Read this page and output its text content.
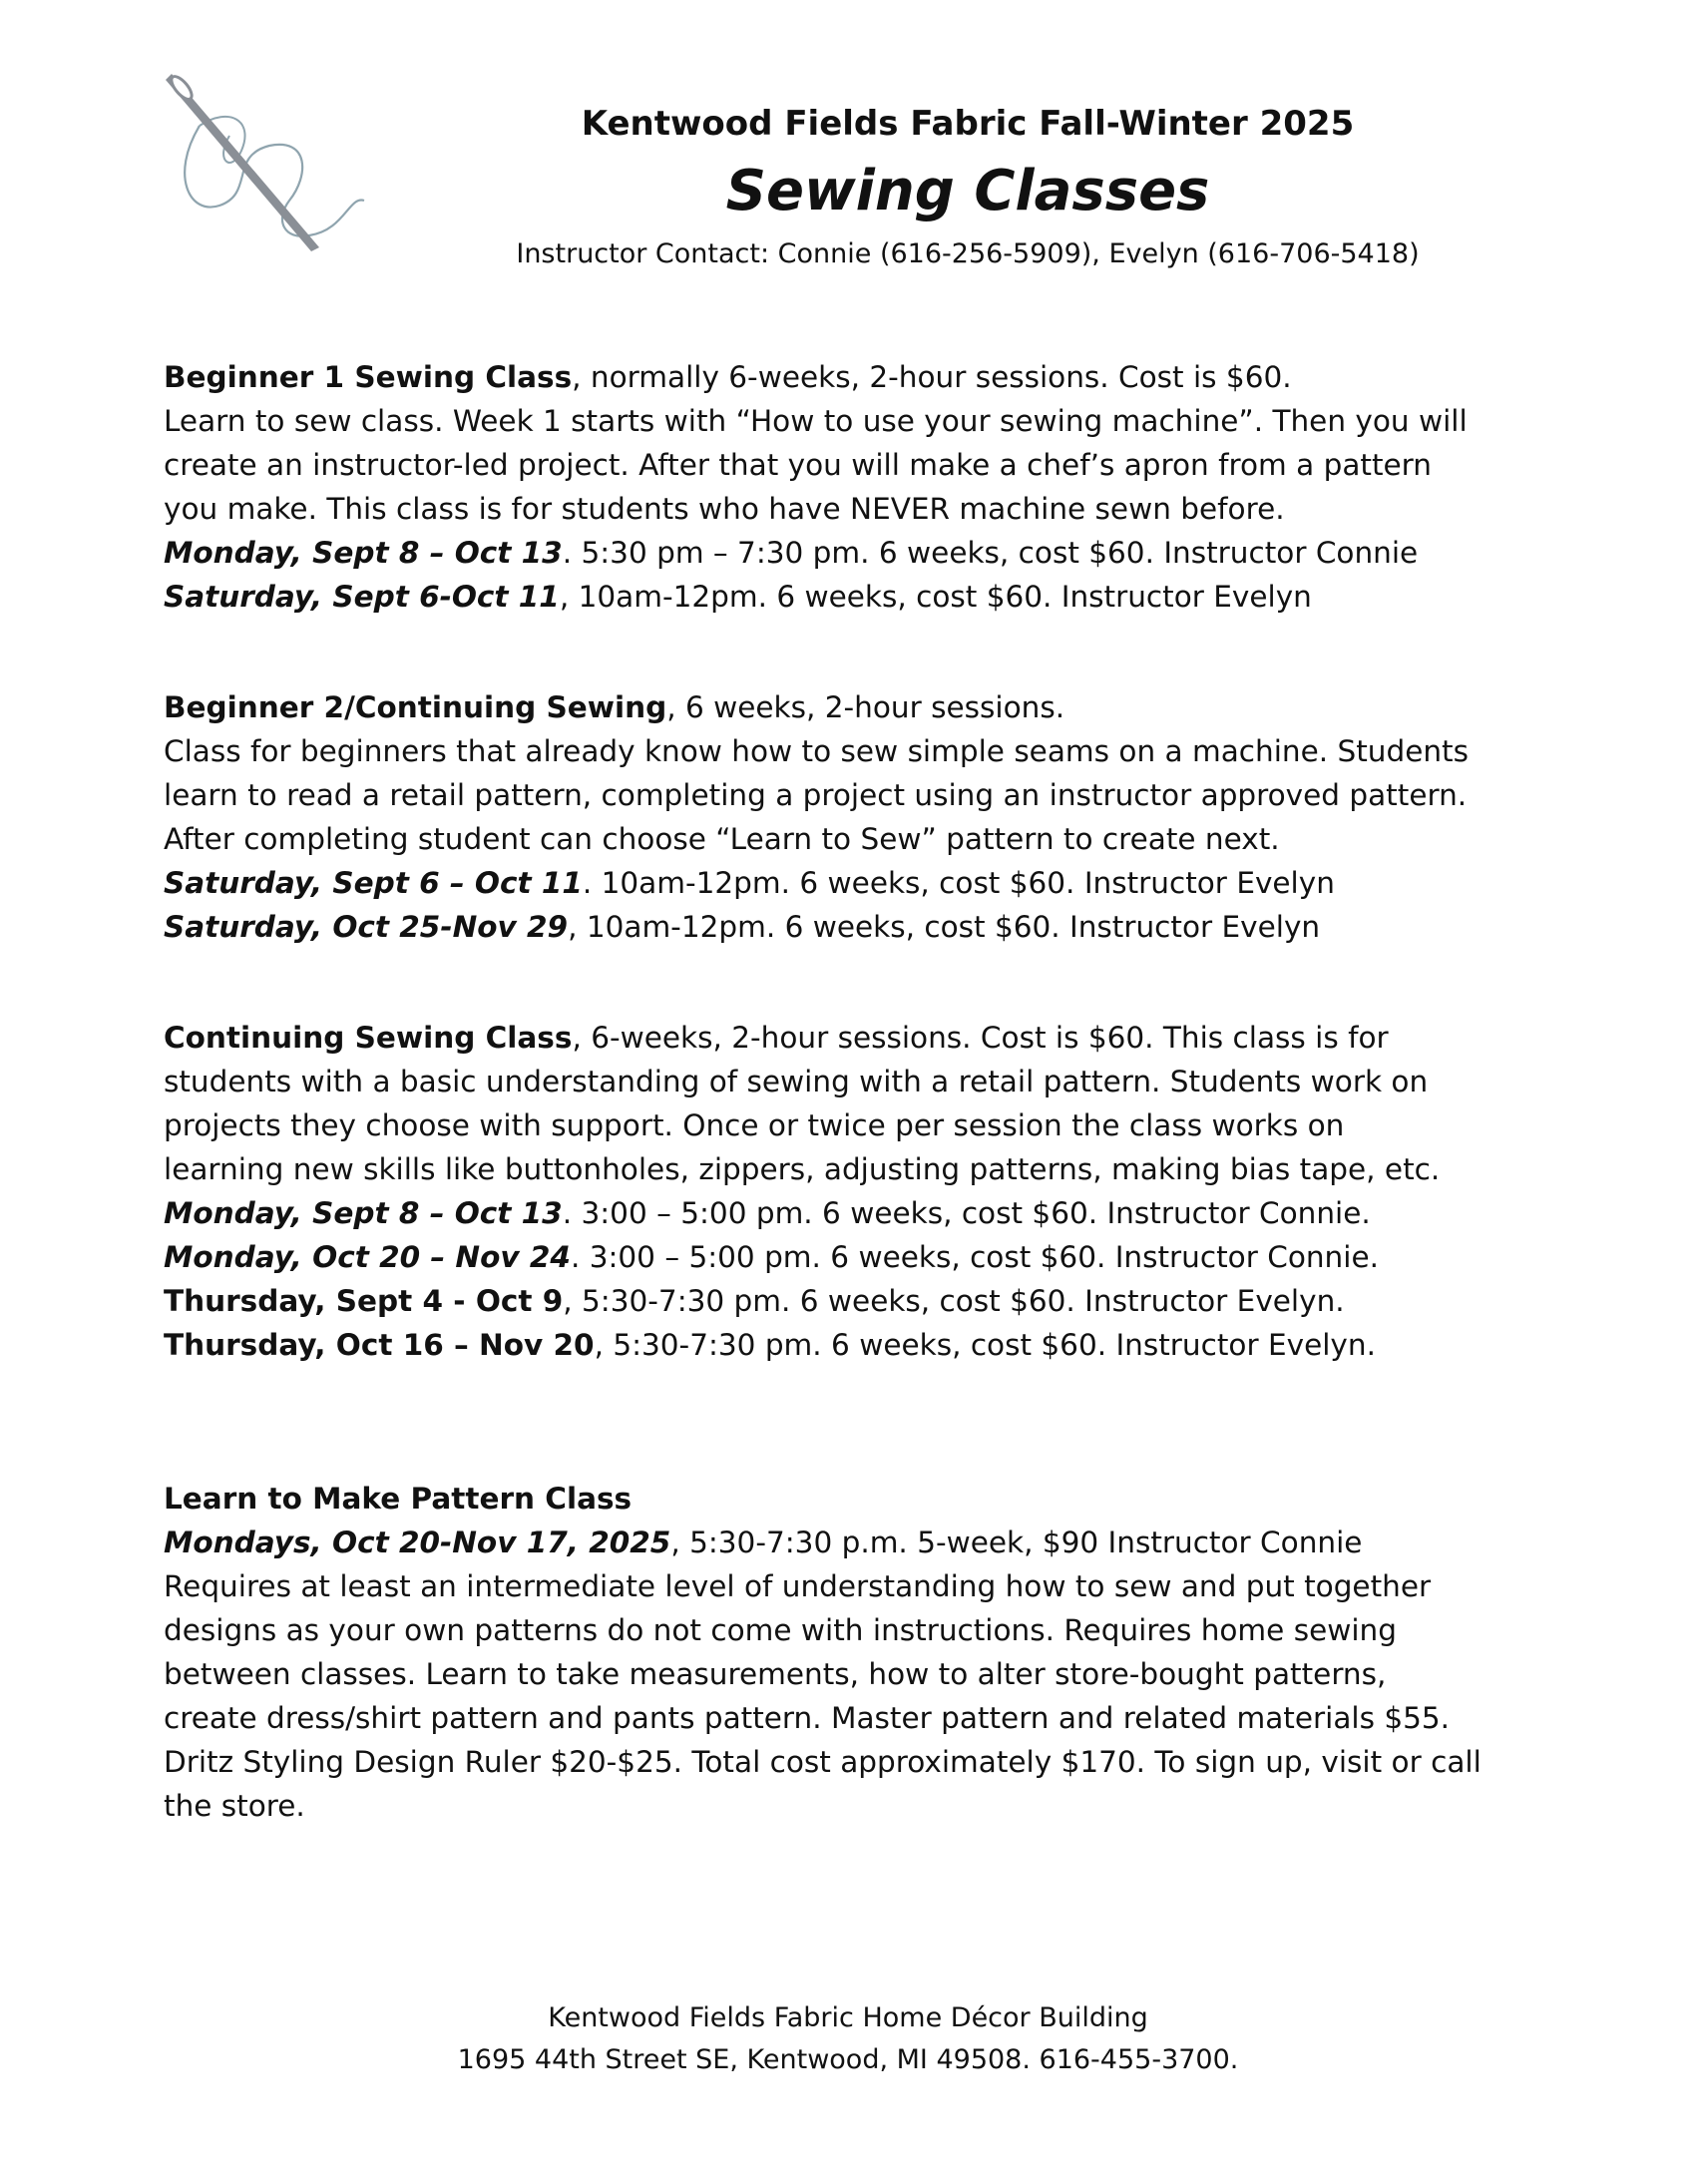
Kentwood Fields Fabric Fall-Winter 2025
Sewing Classes
Instructor Contact: Connie (616-256-5909), Evelyn (616-706-5418)
Beginner 1 Sewing Class, normally 6-weeks, 2-hour sessions. Cost is $60.
Learn to sew class. Week 1 starts with “How to use your sewing machine”. Then you will
create an instructor-led project. After that you will make a chef’s apron from a pattern
you make. This class is for students who have NEVER machine sewn before.
Monday, Sept 8 – Oct 13. 5:30 pm – 7:30 pm. 6 weeks, cost $60. Instructor Connie
Saturday, Sept 6-Oct 11, 10am-12pm. 6 weeks, cost $60. Instructor Evelyn
Beginner 2/Continuing Sewing, 6 weeks, 2-hour sessions.
Class for beginners that already know how to sew simple seams on a machine. Students
learn to read a retail pattern, completing a project using an instructor approved pattern.
After completing student can choose “Learn to Sew” pattern to create next.
Saturday, Sept 6 – Oct 11. 10am-12pm. 6 weeks, cost $60. Instructor Evelyn
Saturday, Oct 25-Nov 29, 10am-12pm. 6 weeks, cost $60. Instructor Evelyn
Continuing Sewing Class, 6-weeks, 2-hour sessions. Cost is $60. This class is for
students with a basic understanding of sewing with a retail pattern. Students work on
projects they choose with support. Once or twice per session the class works on
learning new skills like buttonholes, zippers, adjusting patterns, making bias tape, etc.
Monday, Sept 8 – Oct 13. 3:00 – 5:00 pm. 6 weeks, cost $60. Instructor Connie.
Monday, Oct 20 – Nov 24. 3:00 – 5:00 pm. 6 weeks, cost $60. Instructor Connie.
Thursday, Sept 4 - Oct 9, 5:30-7:30 pm. 6 weeks, cost $60. Instructor Evelyn.
Thursday, Oct 16 – Nov 20, 5:30-7:30 pm. 6 weeks, cost $60. Instructor Evelyn.
Learn to Make Pattern Class
Mondays, Oct 20-Nov 17, 2025, 5:30-7:30 p.m. 5-week, $90 Instructor Connie
Requires at least an intermediate level of understanding how to sew and put together
designs as your own patterns do not come with instructions. Requires home sewing
between classes. Learn to take measurements, how to alter store-bought patterns,
create dress/shirt pattern and pants pattern. Master pattern and related materials $55.
Dritz Styling Design Ruler $20-$25. Total cost approximately $170. To sign up, visit or call
the store.
Kentwood Fields Fabric Home Décor Building
1695 44th Street SE, Kentwood, MI 49508. 616-455-3700.
